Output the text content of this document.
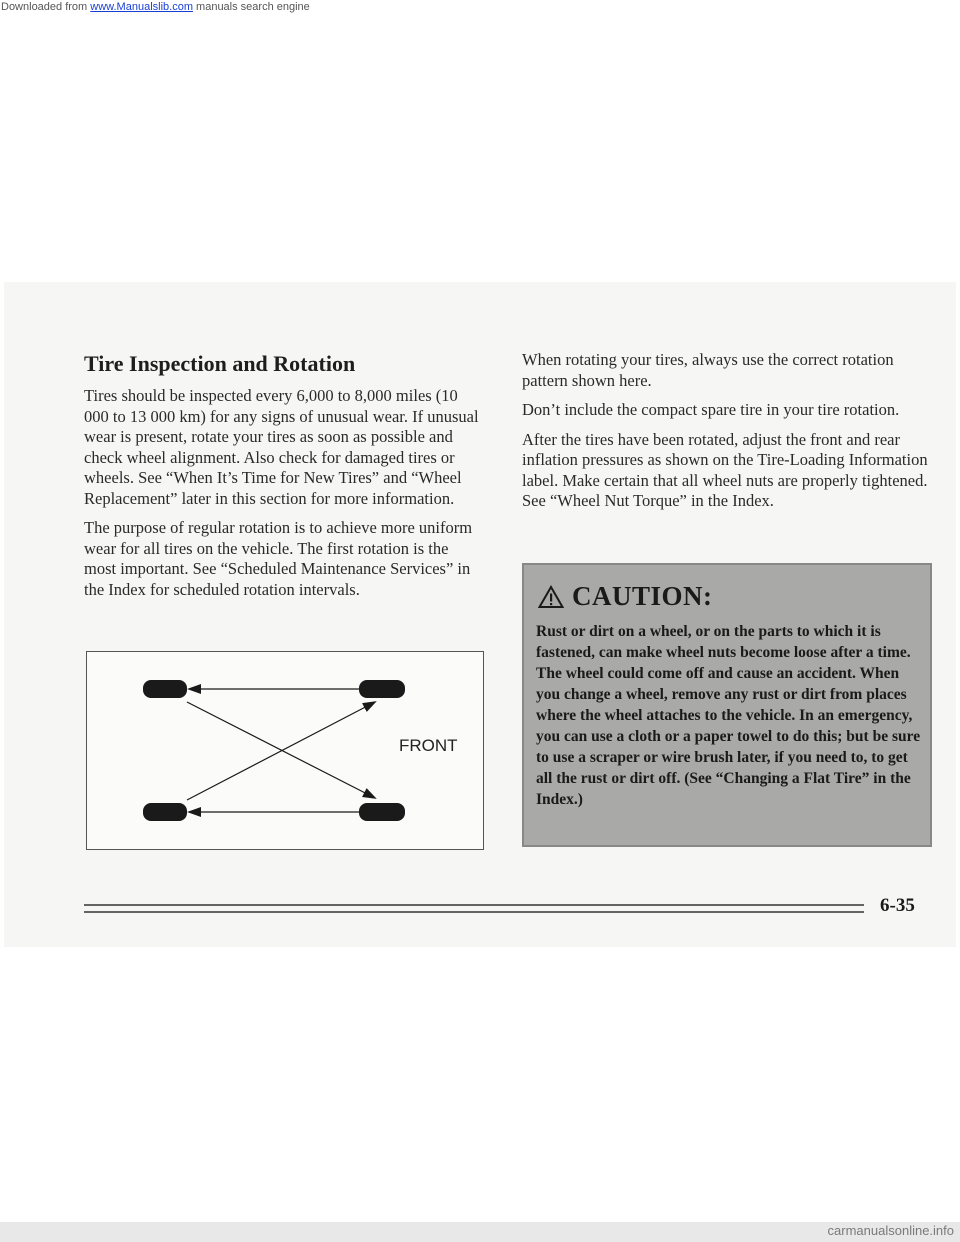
Downloaded from www.Manualslib.com manuals search engine
Tire Inspection and Rotation

Tires should be inspected every 6,000 to 8,000 miles (10 000 to 13 000 km) for any signs of unusual wear. If unusual wear is present, rotate your tires as soon as possible and check wheel alignment. Also check for damaged tires or wheels. See “When It’s Time for New Tires” and “Wheel Replacement” later in this section for more information.

The purpose of regular rotation is to achieve more uniform wear for all tires on the vehicle. The first rotation is the most important. See “Scheduled Maintenance Services” in the Index for scheduled rotation intervals.

FRONT

When rotating your tires, always use the correct rotation pattern shown here.

Don’t include the compact spare tire in your tire rotation.

After the tires have been rotated, adjust the front and rear inflation pressures as shown on the Tire-Loading Information label. Make certain that all wheel nuts are properly tightened. See “Wheel Nut Torque” in the Index.

CAUTION:

Rust or dirt on a wheel, or on the parts to which it is fastened, can make wheel nuts become loose after a time. The wheel could come off and cause an accident. When you change a wheel, remove any rust or dirt from places where the wheel attaches to the vehicle. In an emergency, you can use a cloth or a paper towel to do this; but be sure to use a scraper or wire brush later, if you need to, to get all the rust or dirt off. (See “Changing a Flat Tire” in the Index.)

6-35
carmanualsonline.info
